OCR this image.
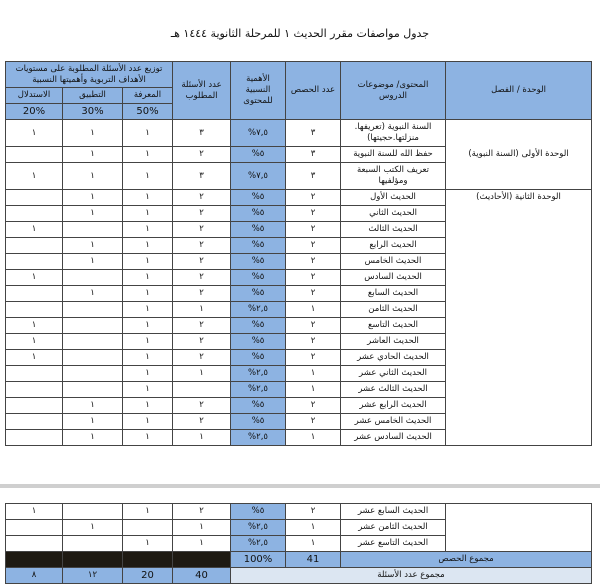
جدول مواصفات مقرر الحديث ١ للمرحلة الثانوية ١٤٤٤ هـ
توزيع عدد الأسئلة المطلوبة على مستويات الأهداف التربوية وأهميتها النسبية			عدد الأسئلة المطلوب	الأهمية النسبية للمحتوى	عدد الحصص	المحتوى/ موضوعات الدروس	الوحدة / الفصل
الاستدلال	التطبيق	المعرفة					
20%	30%	50%					
١	١	١	٣	%٧,٥	٣	السنة النبوية (تعريفها. منزلتها.حجيتها)	الوحدة الأولى (السنة النبوية)
	١	١	٢	%٥	٣	حفظ الله للسنة النبوية	
١	١	١	٣	%٧,٥	٣	تعريف الكتب السبعة ومؤلفيها	
	١	١	٢	%٥	٢	الحديث الأول	الوحدة الثانية (الأحاديث)
	١	١	٢	%٥	٢	الحديث الثاني	
١		١	٢	%٥	٢	الحديث الثالث	
	١	١	٢	%٥	٢	الحديث الرابع	
	١	١	٢	%٥	٢	الحديث الخامس	
١		١	٢	%٥	٢	الحديث السادس	
	١	١	٢	%٥	٢	الحديث السابع	
		١	١	%٢,٥	١	الحديث الثامن	
١		١	٢	%٥	٢	الحديث التاسع	
١		١	٢	%٥	٢	الحديث العاشر	
١		١	٢	%٥	٢	الحديث الحادي عشر	
		١	١	%٢,٥	١	الحديث الثاني عشر	
		١		%٢,٥	١	الحديث الثالث عشر	
	١	١	٢	%٥	٢	الحديث الرابع عشر	
	١	١	٢	%٥	٢	الحديث الخامس عشر	
	١	١	١	%٢,٥	١	الحديث السادس عشر	
١		١	٢	%٥	٢	الحديث السابع عشر	
	١		١	%٢,٥	١	الحديث الثامن عشر	
		١	١	%٢,٥	١	الحديث التاسع عشر	
				100%	41	مجموع الحصص	
٨	١٢	20	40	مجموع عدد الأسئلة			
